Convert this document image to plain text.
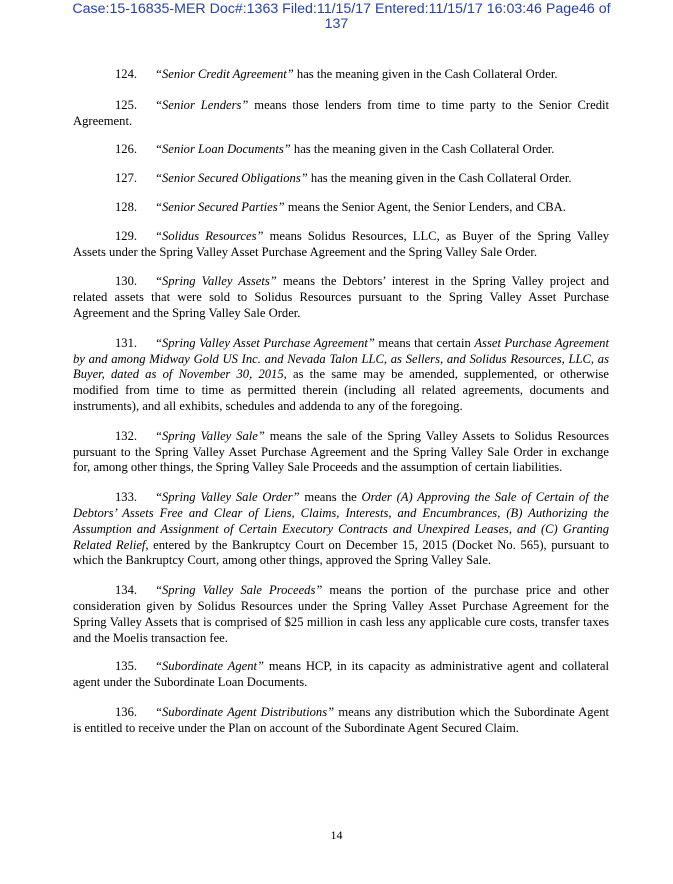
Case:15-16835-MER Doc#:1363 Filed:11/15/17 Entered:11/15/17 16:03:46 Page46 of
137

124. “Senior Credit Agreement” has the meaning given in the Cash Collateral Order.

125. “Senior Lenders” means those lenders from time to time party to the Senior Credit Agreement.

126. “Senior Loan Documents” has the meaning given in the Cash Collateral Order.

127. “Senior Secured Obligations” has the meaning given in the Cash Collateral Order.

128. “Senior Secured Parties” means the Senior Agent, the Senior Lenders, and CBA.

129. “Solidus Resources” means Solidus Resources, LLC, as Buyer of the Spring Valley Assets under the Spring Valley Asset Purchase Agreement and the Spring Valley Sale Order.

130. “Spring Valley Assets” means the Debtors’ interest in the Spring Valley project and related assets that were sold to Solidus Resources pursuant to the Spring Valley Asset Purchase Agreement and the Spring Valley Sale Order.

131. “Spring Valley Asset Purchase Agreement” means that certain Asset Purchase Agreement by and among Midway Gold US Inc. and Nevada Talon LLC, as Sellers, and Solidus Resources, LLC, as Buyer, dated as of November 30, 2015, as the same may be amended, supplemented, or otherwise modified from time to time as permitted therein (including all related agreements, documents and instruments), and all exhibits, schedules and addenda to any of the foregoing.

132. “Spring Valley Sale” means the sale of the Spring Valley Assets to Solidus Resources pursuant to the Spring Valley Asset Purchase Agreement and the Spring Valley Sale Order in exchange for, among other things, the Spring Valley Sale Proceeds and the assumption of certain liabilities.

133. “Spring Valley Sale Order” means the Order (A) Approving the Sale of Certain of the Debtors’ Assets Free and Clear of Liens, Claims, Interests, and Encumbrances, (B) Authorizing the Assumption and Assignment of Certain Executory Contracts and Unexpired Leases, and (C) Granting Related Relief, entered by the Bankruptcy Court on December 15, 2015 (Docket No. 565), pursuant to which the Bankruptcy Court, among other things, approved the Spring Valley Sale.

134. “Spring Valley Sale Proceeds” means the portion of the purchase price and other consideration given by Solidus Resources under the Spring Valley Asset Purchase Agreement for the Spring Valley Assets that is comprised of $25 million in cash less any applicable cure costs, transfer taxes and the Moelis transaction fee.

135. “Subordinate Agent” means HCP, in its capacity as administrative agent and collateral agent under the Subordinate Loan Documents.

136. “Subordinate Agent Distributions” means any distribution which the Subordinate Agent is entitled to receive under the Plan on account of the Subordinate Agent Secured Claim.

14
